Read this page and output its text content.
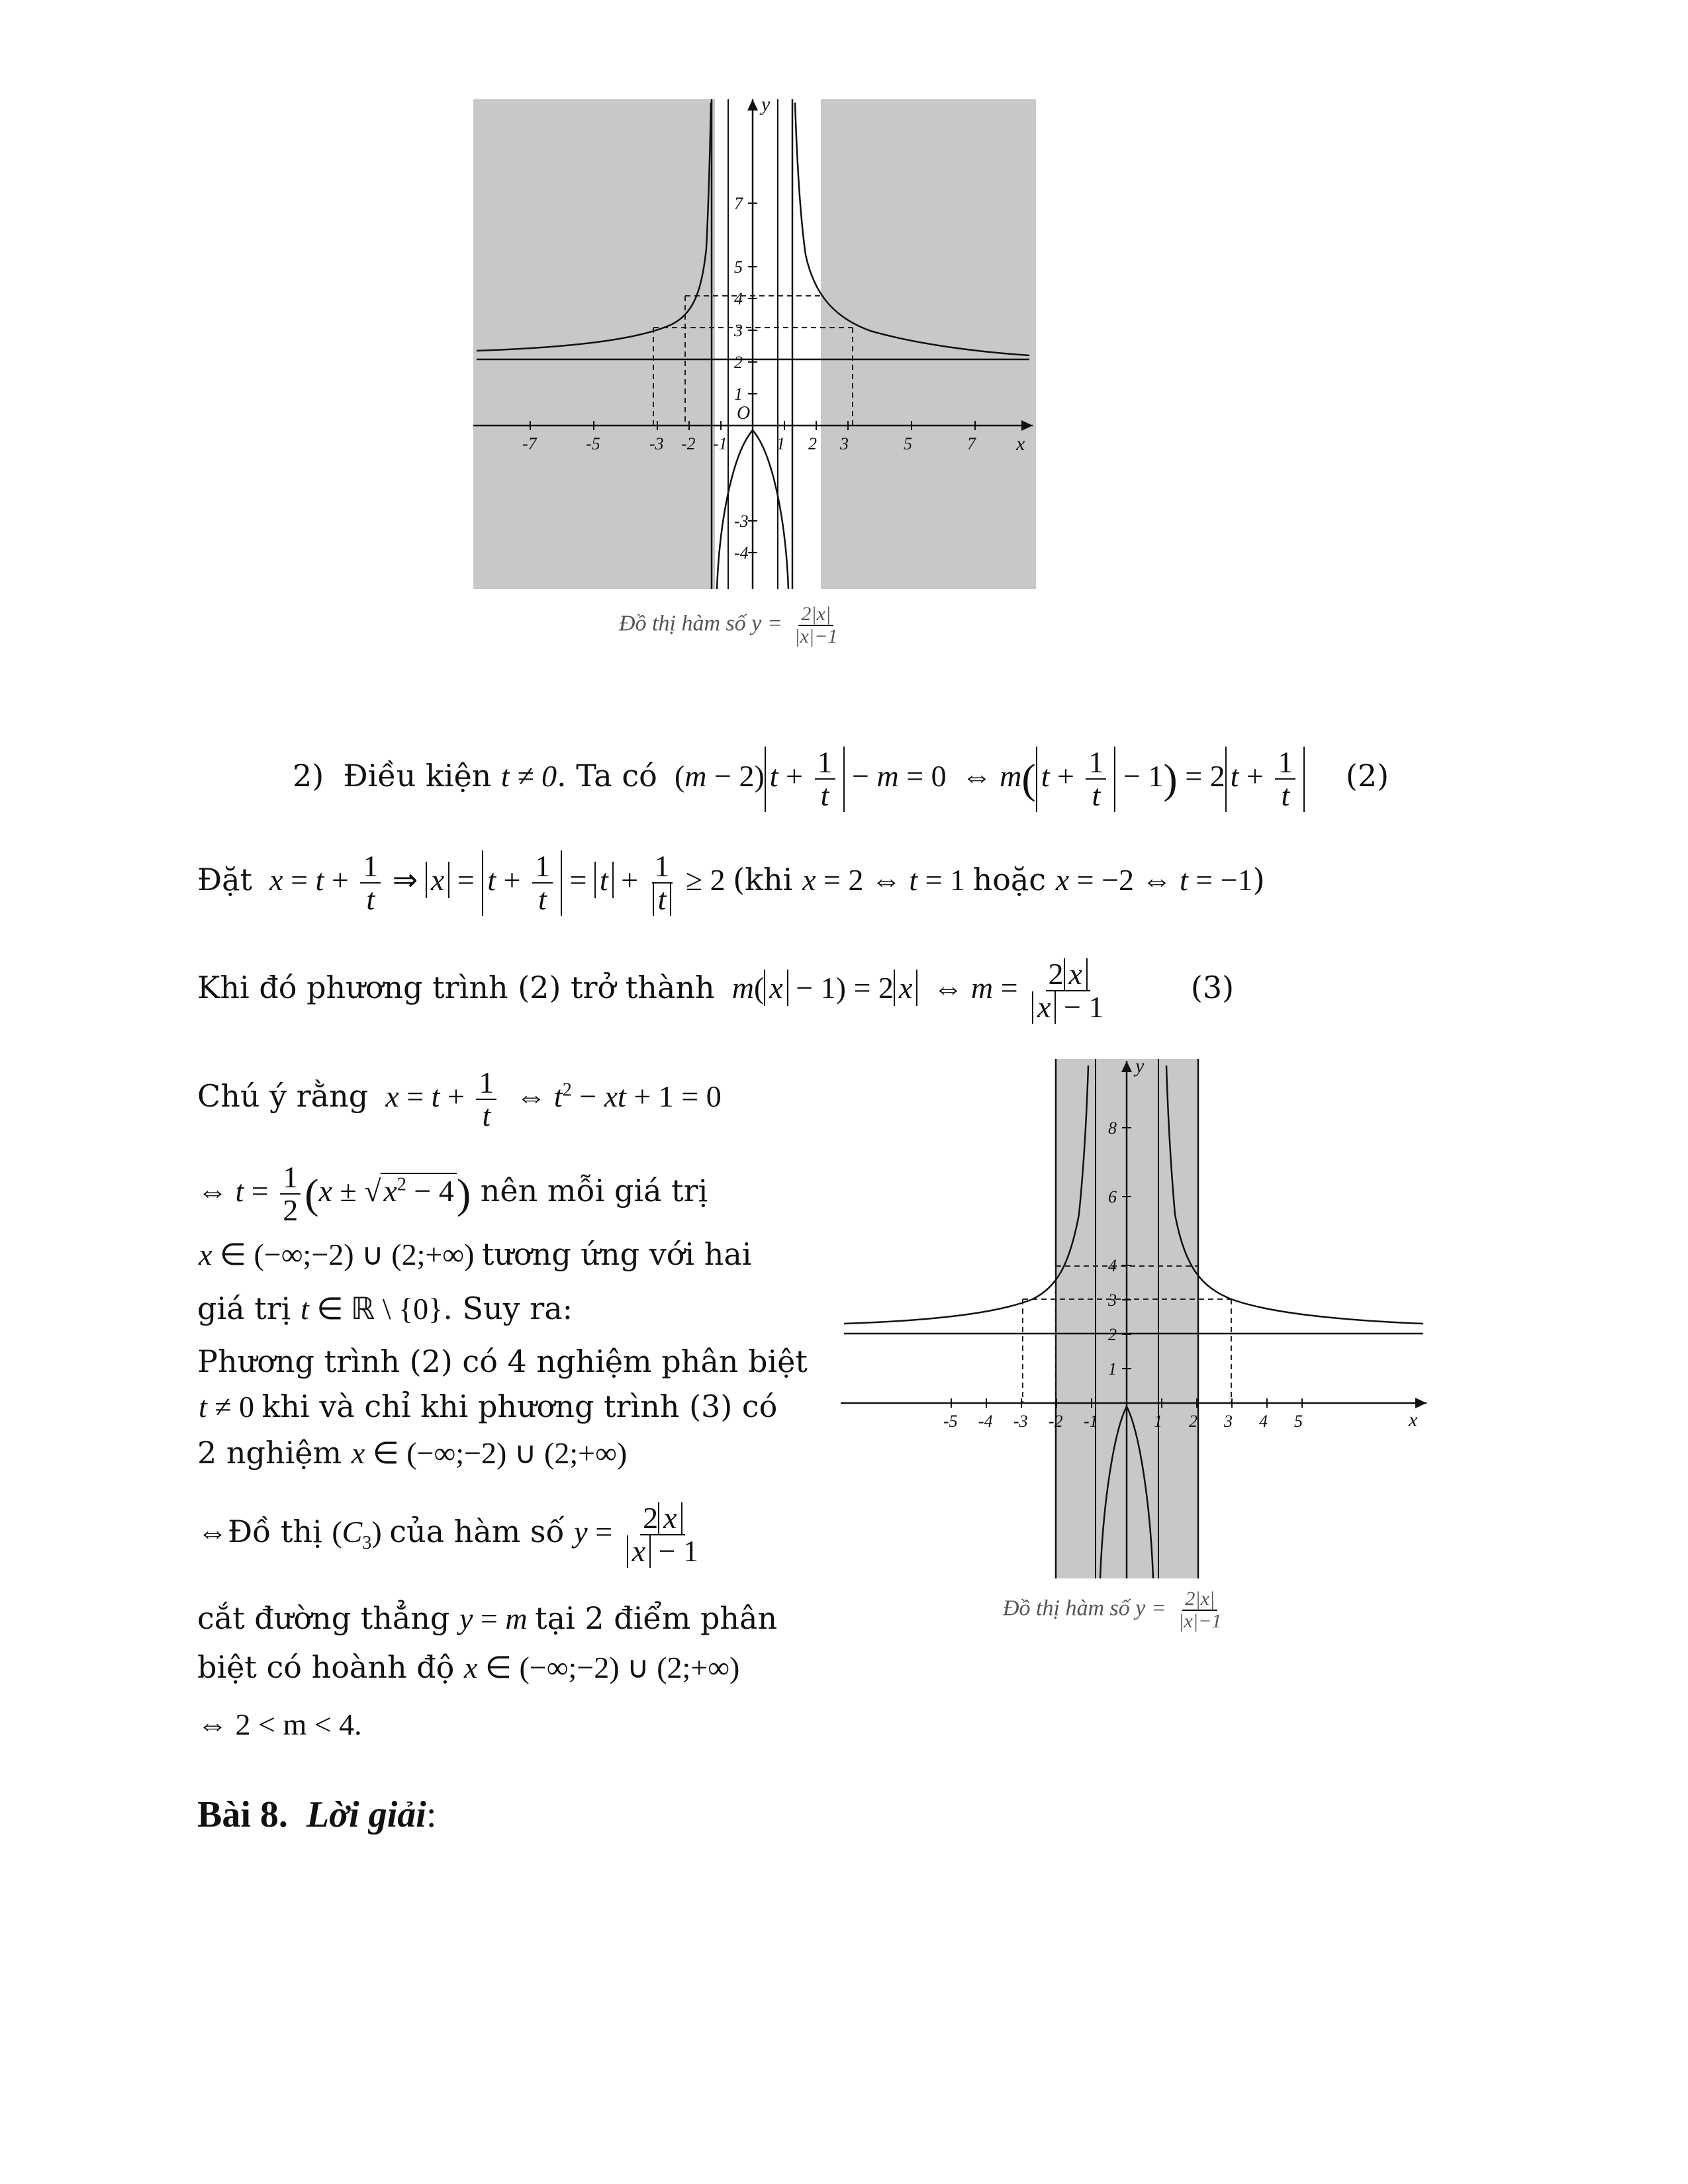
-7	-5	-3 -2 -1	1 2 3	5	7
7
5
4
3
2
1
-3
-4
x
y
O
Đồ thị hàm số $y = \frac{2|x|}{|x|-1}$
2) Điều kiện t ≠ 0. Ta có  (m − 2) $t + \frac{1}{t} - m = 0$  ⇔ m( $t + \frac{1}{t} - 1) = 2$ $t + \frac{1}{t} (2)$
Đặt $x = t + \frac{1}{t}$ ⇒ $x = t + \frac{1}{t} = t + \frac{1}{t} \ge 2$ (khi x = 2 ⇔ t = 1 hoặc x = −2 ⇔ t = −1)
Khi đó phương trình (2) trở thành m( x − 1) = 2 x  ⇔ $m = \frac{2 x}{x - 1}$	(3)
Chú ý rằng $x = t + \frac{1}{t}$ ⇔ $t^2$ − xt + 1 = 0
⇔ $t = \frac{1}{2} (x \pm √x^2 - 4)$ nên mỗi giá trị
x ∈ (−∞;−2) ∪ (2;+∞) tương ứng với hai
giá trị t ∈ ℝ \ {0}. Suy ra:
Phương trình (2) có 4 nghiệm phân biệt
t ≠ 0 khi và chỉ khi phương trình (3) có
2 nghiệm x ∈ (−∞;−2) ∪ (2;+∞)
⇔Đồ thị $(C_3)$ của hàm số $y = \frac{2 x}{x - 1}$
cắt đường thẳng y = m tại 2 điểm phân
biệt có hoành độ x ∈ (−∞;−2) ∪ (2;+∞)
⇔ 2 < m < 4.
-5 -4 -3 -2 -1	1 2 3 4 5
8
6
4
3
2
1
x
y
Đồ thị hàm số $y = \frac{2|x|}{|x|-1}$
Bài 8. Lời giải:
